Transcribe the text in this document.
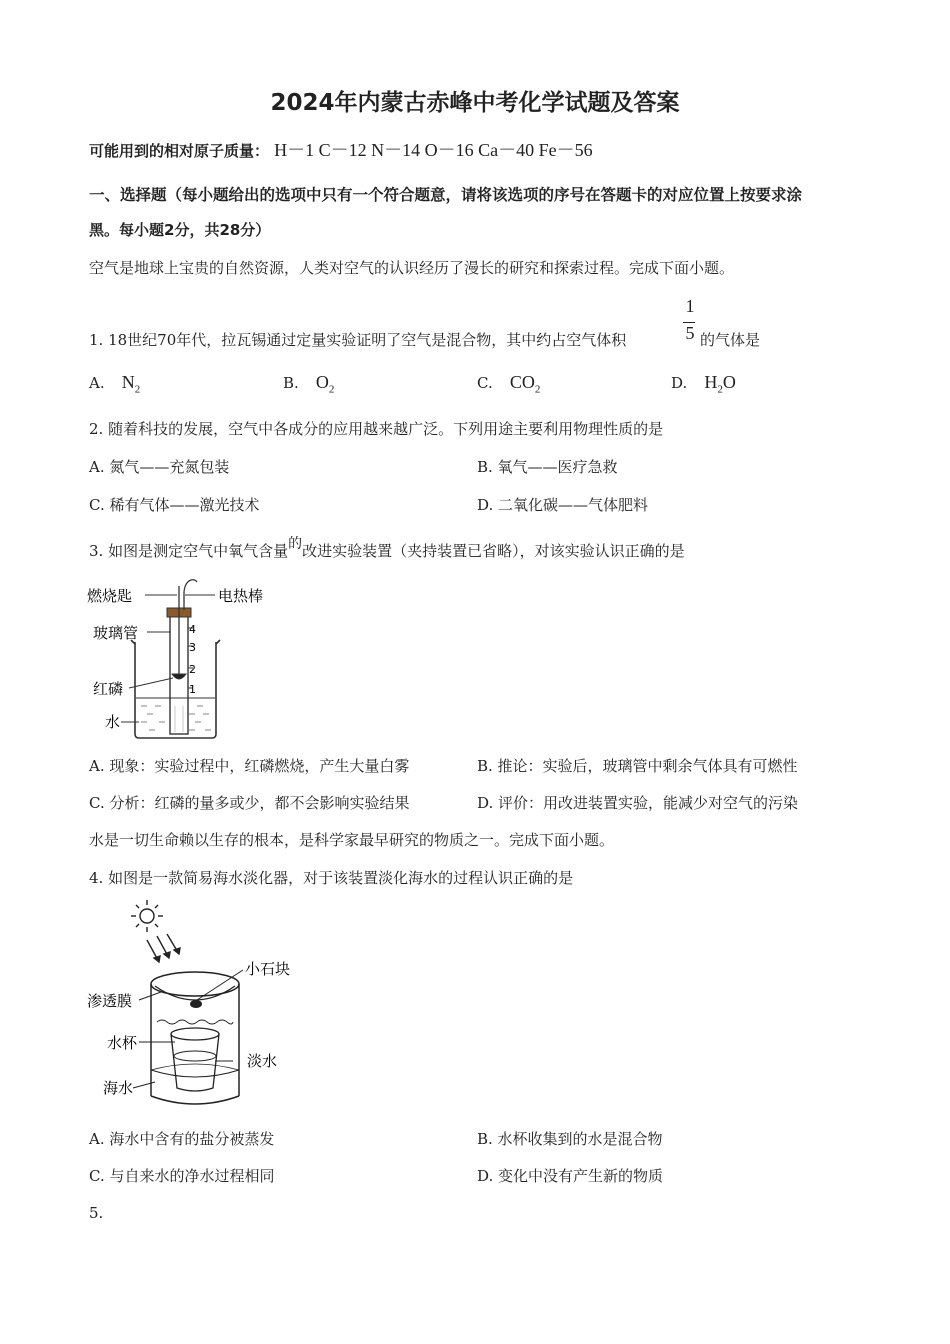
2024年内蒙古赤峰中考化学试题及答案
可能用到的相对原子质量： H－1 C－12 N－14 O－16 Ca－40 Fe－56
一、选择题（每小题给出的选项中只有一个符合题意，请将该选项的序号在答题卡的对应位置上按要求涂
黑。每小题2分，共28分）
空气是地球上宝贵的自然资源，人类对空气的认识经历了漫长的研究和探索过程。完成下面小题。
1. 18世纪70年代，拉瓦锡通过定量实验证明了空气是混合物，其中约占空气体积
1
5 的气体是
A. $N_2$	B. $O_2$	C. $CO_2$	D. $H_2O$
2. 随着科技的发展，空气中各成分的应用越来越广泛。下列用途主要利用物理性质的是
A. 氮气——充氮包装	B. 氧气——医疗急救
C. 稀有气体——激光技术	D. 二氧化碳——气体肥料
3. 如图是测定空气中氧气含量的改进实验装置（夹持装置已省略），对该实验认识正确的是
4
3
2
1
燃烧匙	电热棒
玻璃管
红磷
水
A. 现象：实验过程中，红磷燃烧，产生大量白雾	B. 推论：实验后，玻璃管中剩余气体具有可燃性
C. 分析：红磷的量多或少，都不会影响实验结果	D. 评价：用改进装置实验，能减少对空气的污染
水是一切生命赖以生存的根本，是科学家最早研究的物质之一。完成下面小题。
4. 如图是一款简易海水淡化器，对于该装置淡化海水的过程认识正确的是
小石块
渗透膜
水杯
淡水
海水
A. 海水中含有的盐分被蒸发	B. 水杯收集到的水是混合物
C. 与自来水的净水过程相同	D. 变化中没有产生新的物质
5.
